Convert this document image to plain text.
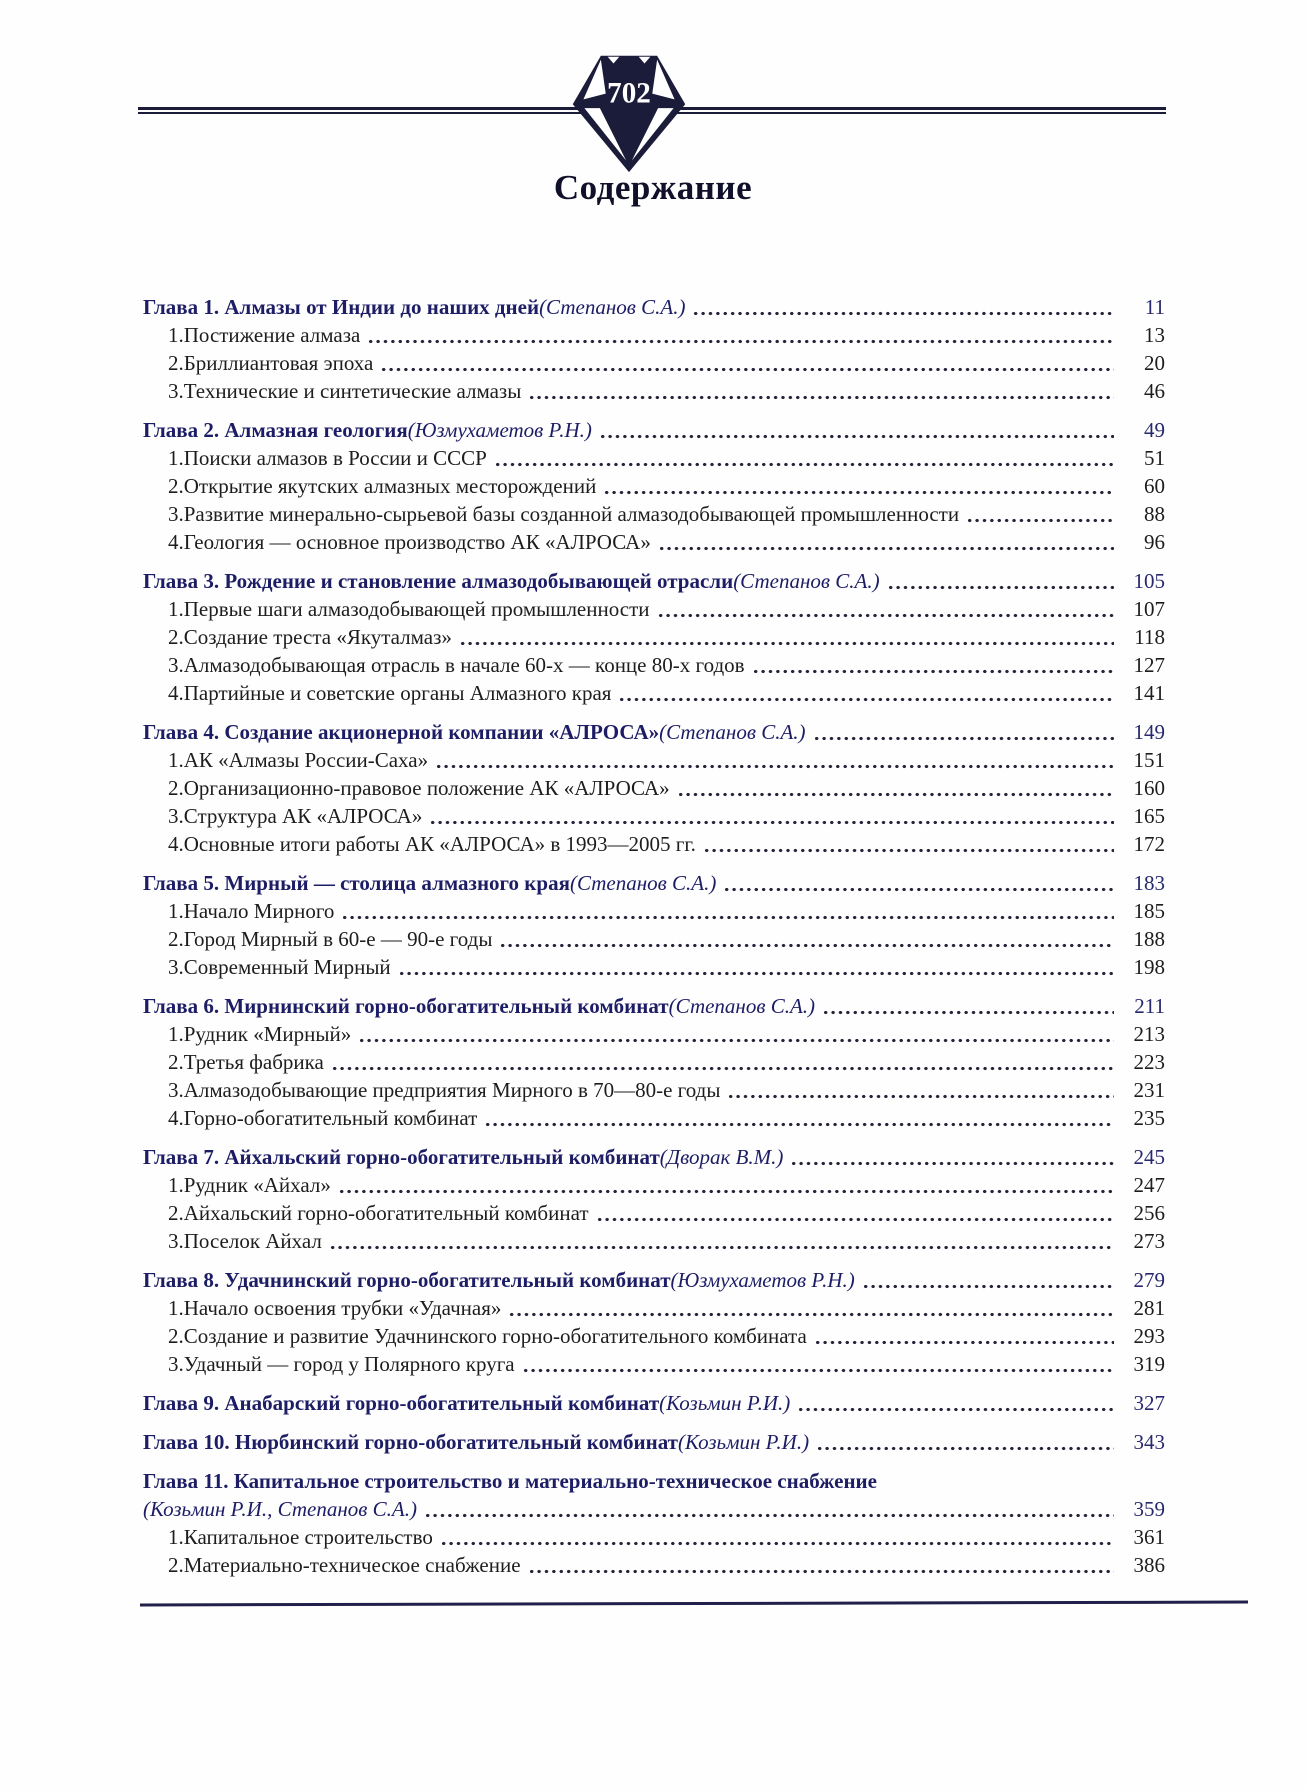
702
Содержание
Глава 1. Алмазы от Индии до наших дней (Степанов С.А.)	11
1. Постижение алмаза	13
2. Бриллиантовая эпоха	20
3. Технические и синтетические алмазы	46
Глава 2. Алмазная геология (Юзмухаметов Р.Н.)	49
1. Поиски алмазов в России и СССР	51
2. Открытие якутских алмазных месторождений	60
3. Развитие минерально-сырьевой базы созданной алмазодобывающей промышленности	88
4. Геология — основное производство АК «АЛРОСА»	96
Глава 3. Рождение и становление алмазодобывающей отрасли (Степанов С.А.)	105
1. Первые шаги алмазодобывающей промышленности	107
2. Создание треста «Якуталмаз»	118
3. Алмазодобывающая отрасль в начале 60-х — конце 80-х годов	127
4. Партийные и советские органы Алмазного края	141
Глава 4. Создание акционерной компании «АЛРОСА» (Степанов С.А.)	149
1. АК «Алмазы России-Саха»	151
2. Организационно-правовое положение АК «АЛРОСА»	160
3. Структура АК «АЛРОСА»	165
4. Основные итоги работы АК «АЛРОСА» в 1993—2005 гг.	172
Глава 5. Мирный — столица алмазного края (Степанов С.А.)	183
1. Начало Мирного	185
2. Город Мирный в 60-е — 90-е годы	188
3. Современный Мирный	198
Глава 6. Мирнинский горно-обогатительный комбинат (Степанов С.А.)	211
1. Рудник «Мирный»	213
2. Третья фабрика	223
3. Алмазодобывающие предприятия Мирного в 70—80-е годы	231
4. Горно-обогатительный комбинат	235
Глава 7. Айхальский горно-обогатительный комбинат (Дворак В.М.)	245
1. Рудник «Айхал»	247
2. Айхальский горно-обогатительный комбинат	256
3. Поселок Айхал	273
Глава 8. Удачнинский горно-обогатительный комбинат (Юзмухаметов Р.Н.)	279
1. Начало освоения трубки «Удачная»	281
2. Создание и развитие Удачнинского горно-обогатительного комбината	293
3. Удачный — город у Полярного круга	319
Глава 9. Анабарский горно-обогатительный комбинат (Козьмин Р.И.)	327
Глава 10. Нюрбинский горно-обогатительный комбинат (Козьмин Р.И.)	343
Глава 11. Капитальное строительство и материально-техническое снабжение
(Козьмин Р.И., Степанов С.А.)	359
1. Капитальное строительство	361
2. Материально-техническое снабжение	386
